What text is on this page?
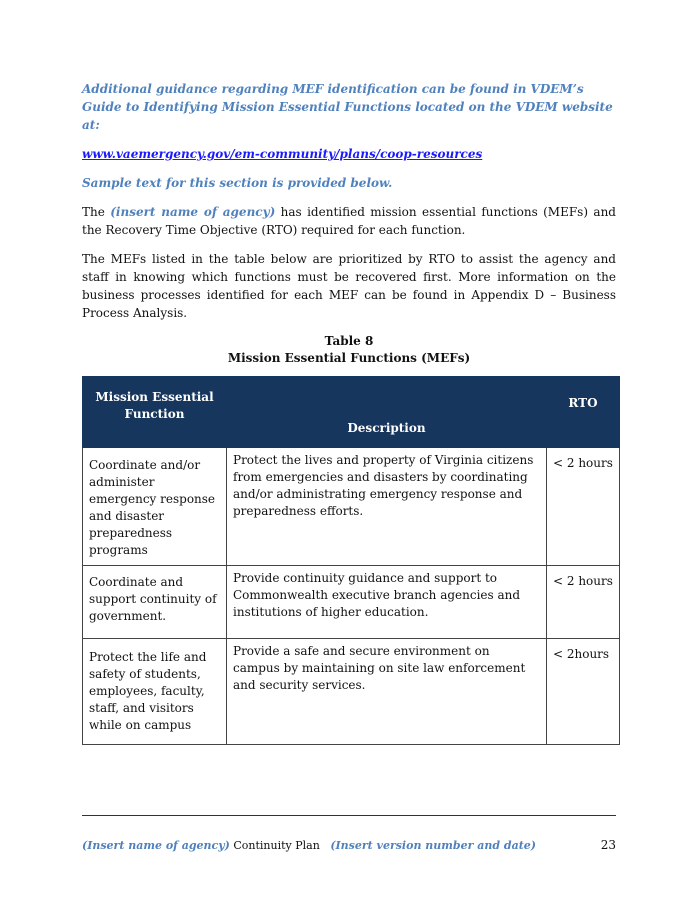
Additional guidance regarding MEF identification can be found in VDEM’s Guide to Identifying Mission Essential Functions located on the VDEM website at:

www.vaemergency.gov/em-community/plans/coop-resources

Sample text for this section is provided below.

The (insert name of agency) has identified mission essential functions (MEFs) and the Recovery Time Objective (RTO) required for each function.

The MEFs listed in the table below are prioritized by RTO to assist the agency and staff in knowing which functions must be recovered first. More information on the business processes identified for each MEF can be found in Appendix D – Business Process Analysis.

Table 8
Mission Essential Functions (MEFs)
Mission Essential Function	Description	RTO
Coordinate and/or administer emergency response and disaster preparedness programs	Protect the lives and property of Virginia citizens from emergencies and disasters by coordinating and/or administrating emergency response and preparedness efforts.	< 2 hours
Coordinate and support continuity of government.	Provide continuity guidance and support to Commonwealth executive branch agencies and institutions of higher education.	< 2 hours
Protect the life and safety of students, employees, faculty, staff, and visitors while on campus	Provide a safe and secure environment on campus by maintaining on site law enforcement and security services.	< 2hours
(Insert name of agency) Continuity Plan (Insert version number and date)	23
